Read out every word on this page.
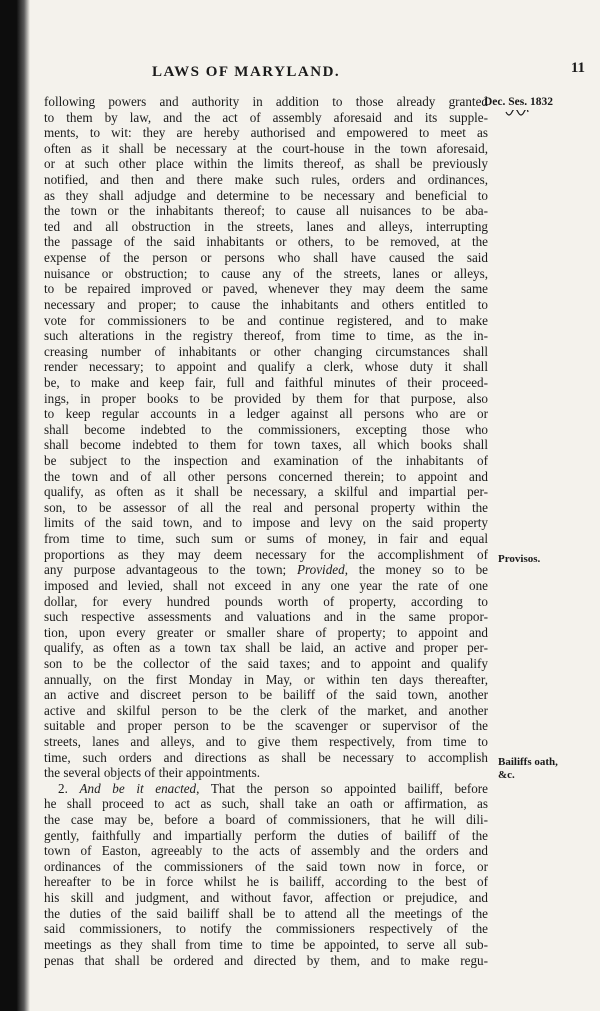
LAWS OF MARYLAND.	11
Dec. Ses. 1832
Provisos.
Bailiffs oath,
&c.
following powers and authority in addition to those already granted
to them by law, and the act of assembly aforesaid and its supple-
ments, to wit: they are hereby authorised and empowered to meet as
often as it shall be necessary at the court-house in the town aforesaid,
or at such other place within the limits thereof, as shall be previously
notified, and then and there make such rules, orders and ordinances,
as they shall adjudge and determine to be necessary and beneficial to
the town or the inhabitants thereof; to cause all nuisances to be aba-
ted and all obstruction in the streets, lanes and alleys, interrupting
the passage of the said inhabitants or others, to be removed, at the
expense of the person or persons who shall have caused the said
nuisance or obstruction; to cause any of the streets, lanes or alleys,
to be repaired improved or paved, whenever they may deem the same
necessary and proper; to cause the inhabitants and others entitled to
vote for commissioners to be and continue registered, and to make
such alterations in the registry thereof, from time to time, as the in-
creasing number of inhabitants or other changing circumstances shall
render necessary; to appoint and qualify a clerk, whose duty it shall
be, to make and keep fair, full and faithful minutes of their proceed-
ings, in proper books to be provided by them for that purpose, also
to keep regular accounts in a ledger against all persons who are or
shall become indebted to the commissioners, excepting those who
shall become indebted to them for town taxes, all which books shall
be subject to the inspection and examination of the inhabitants of
the town and of all other persons concerned therein; to appoint and
qualify, as often as it shall be necessary, a skilful and impartial per-
son, to be assessor of all the real and personal property within the
limits of the said town, and to impose and levy on the said property
from time to time, such sum or sums of money, in fair and equal
proportions as they may deem necessary for the accomplishment of
any purpose advantageous to the town; Provided, the money so to be
imposed and levied, shall not exceed in any one year the rate of one
dollar, for every hundred pounds worth of property, according to
such respective assessments and valuations and in the same propor-
tion, upon every greater or smaller share of property; to appoint and
qualify, as often as a town tax shall be laid, an active and proper per-
son to be the collector of the said taxes; and to appoint and qualify
annually, on the first Monday in May, or within ten days thereafter,
an active and discreet person to be bailiff of the said town, another
active and skilful person to be the clerk of the market, and another
suitable and proper person to be the scavenger or supervisor of the
streets, lanes and alleys, and to give them respectively, from time to
time, such orders and directions as shall be necessary to accomplish
the several objects of their appointments.
2. And be it enacted, That the person so appointed bailiff, before
he shall proceed to act as such, shall take an oath or affirmation, as
the case may be, before a board of commissioners, that he will dili-
gently, faithfully and impartially perform the duties of bailiff of the
town of Easton, agreeably to the acts of assembly and the orders and
ordinances of the commissioners of the said town now in force, or
hereafter to be in force whilst he is bailiff, according to the best of
his skill and judgment, and without favor, affection or prejudice, and
the duties of the said bailiff shall be to attend all the meetings of the
said commissioners, to notify the commissioners respectively of the
meetings as they shall from time to time be appointed, to serve all sub-
penas that shall be ordered and directed by them, and to make regu-
